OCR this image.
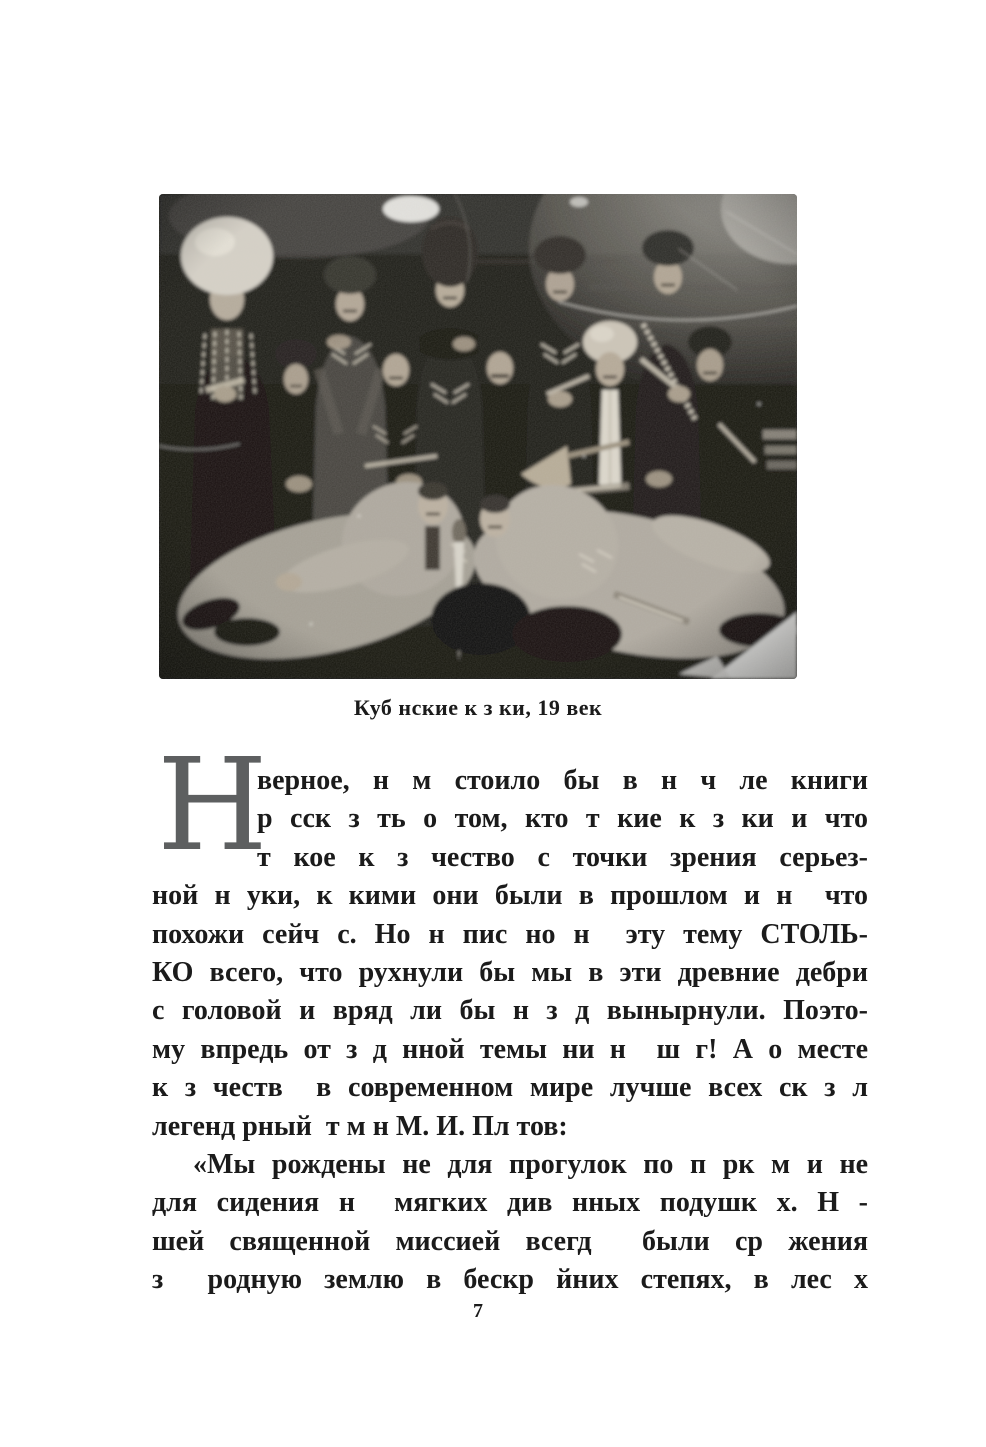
Куб нские к з ки, 19 век
Н
верное, н м стоило бы в н ч ле книги
р сск з ть о том, кто т кие к з ки и что
т кое к з чество с точки зрения серьез-
ной н уки, к кими они были в прошлом и н  что
похожи сейч с. Но н пис но н  эту тему СТОЛЬ-
КО всего, что рухнули бы мы в эти древние дебри
с головой и вряд ли бы н з д вынырнули. Поэто-
му впредь от з д нной темы ни н  ш г! А о месте
к з честв  в современном мире лучше всех ск з л
легенд рный  т м н М. И. Пл тов:
«Мы рождены не для прогулок по п рк м и не
для сидения н  мягких див нных подушк х. Н -
шей священной миссией всегд  были ср жения
з  родную землю в бескр йних степях, в лес х
7
